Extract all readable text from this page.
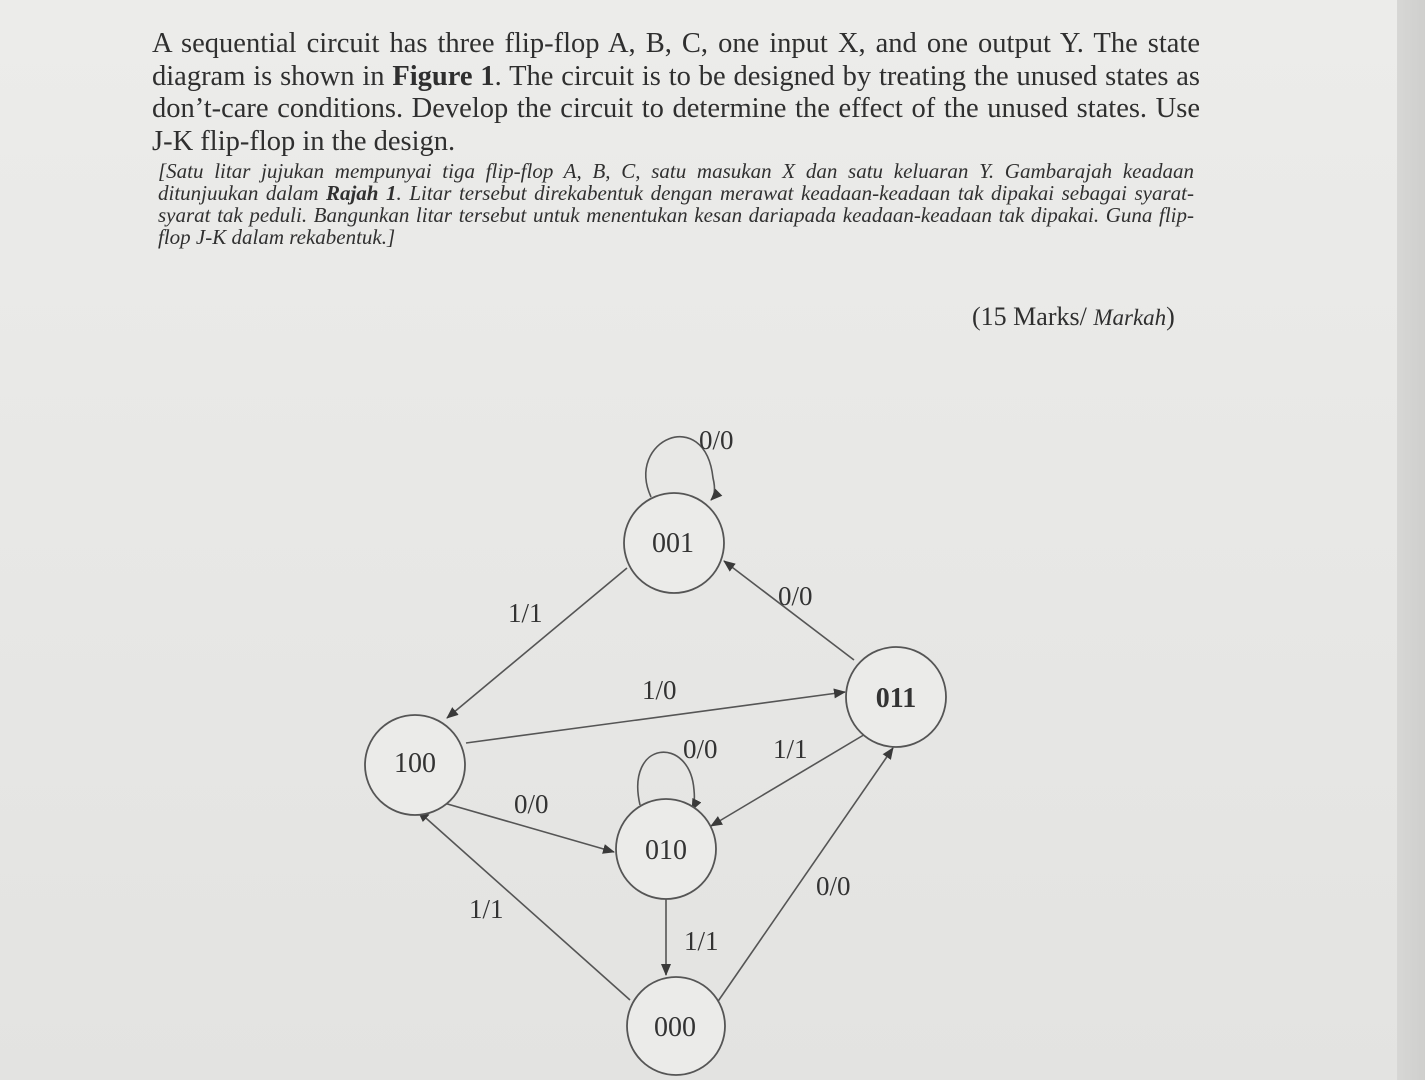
A sequential circuit has three flip-flop A, B, C, one input X, and one output Y. The state diagram is shown in Figure 1. The circuit is to be designed by treating the unused states as don’t-care conditions. Develop the circuit to determine the effect of the unused states. Use J-K flip-flop in the design.

[Satu litar jujukan mempunyai tiga flip-flop A, B, C, satu masukan X dan satu keluaran Y. Gambarajah keadaan ditunjuukan dalam Rajah 1. Litar tersebut direkabentuk dengan merawat keadaan-keadaan tak dipakai sebagai syarat-syarat tak peduli. Bangunkan litar tersebut untuk menentukan kesan dariapada keadaan-keadaan tak dipakai. Guna flip-flop J-K dalam rekabentuk.]

(15 Marks/ Markah)
001
011
100
010
000
0/0
0/0
1/1
1/0
0/0 1/1
0/0
1/1
1/1
0/0
